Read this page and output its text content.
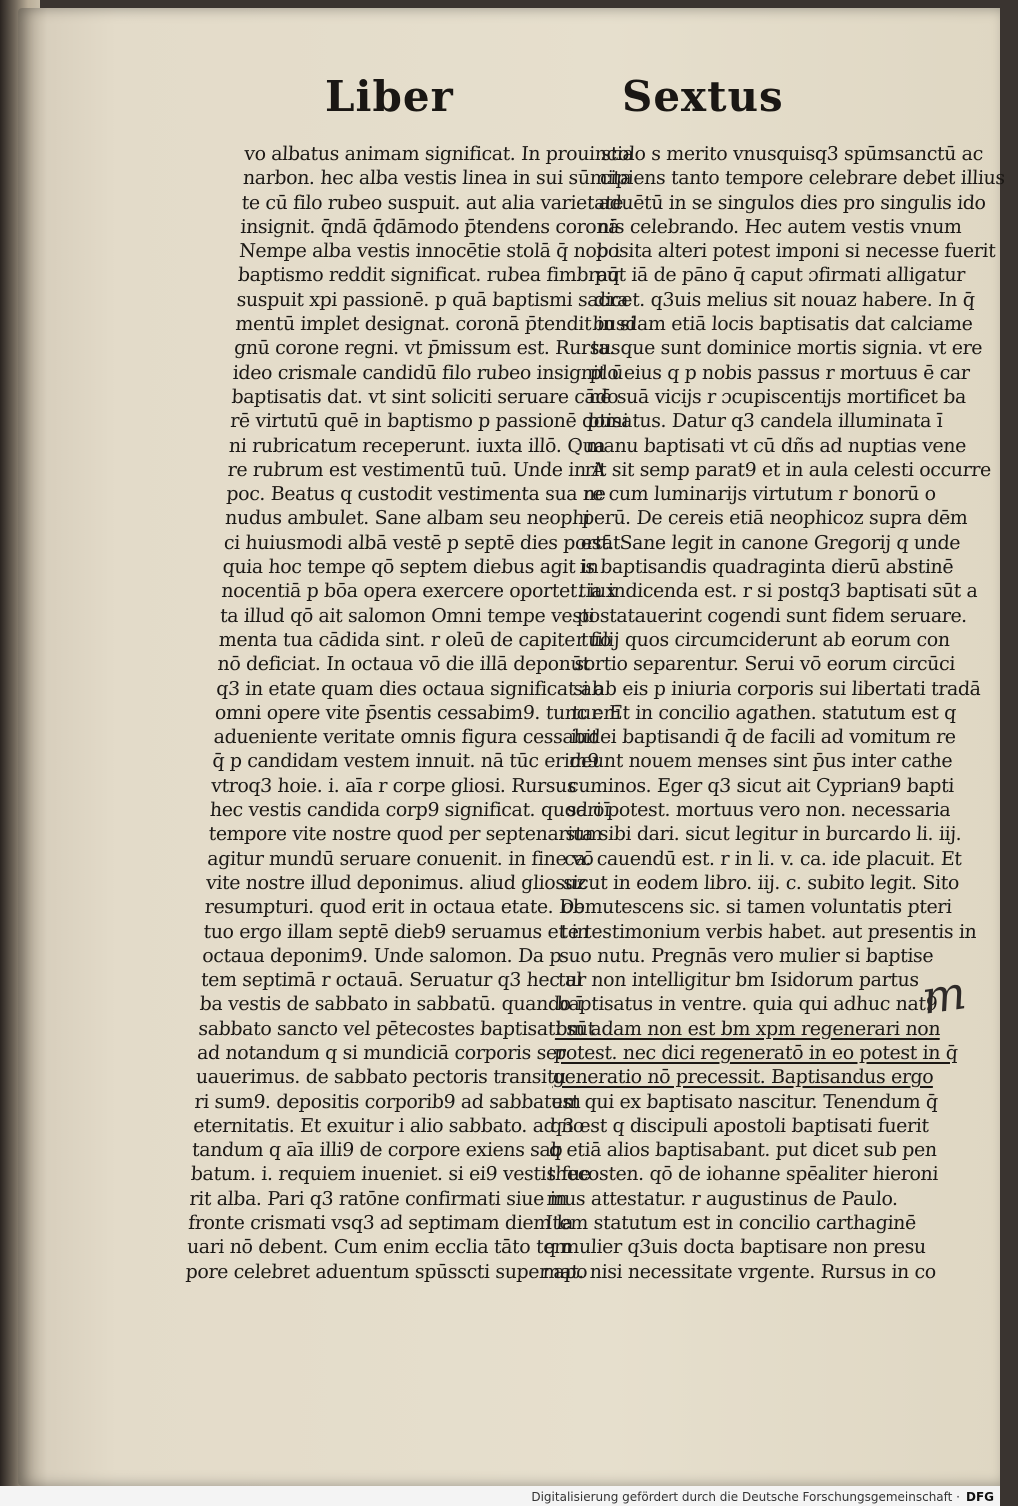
Liber	Sextus
vo albatus animam significat. In prouincia
narbon. hec alba vestis linea in sui sūmita
te cū filo rubeo suspuit. aut alia varietate
insignit. q̄ndā q̄dāmodo p̄tendens coronā
Nempe alba vestis innocētie stolā q̄ nob i
baptismo reddit significat. rubea fimbraq̄
suspuit xpi passionē. p quā baptismi sacra
mentū implet designat. coronā p̄tendit in si
gnū corone regni. vt p̄missum est. Rursus
ideo crismale candidū filo rubeo insignit ū
baptisatis dat. vt sint soliciti seruare cādo
rē virtutū quē in baptismo p passionē domi
ni rubricatum receperunt. iuxta illō. Qua
re rubrum est vestimentū tuū. Unde in A
poc. Beatus q custodit vestimenta sua ne
nudus ambulet. Sane albam seu neophi
ci huiusmodi albā vestē p septē dies portāt
quia hoc tempe qō septem diebus agit in
nocentiā p bōa opera exercere oportet. iux
ta illud qō ait salomon Omni tempe vesti
menta tua cādida sint. r oleū de capite tuo
nō deficiat. In octaua vō die illā deponūt
q3 in etate quam dies octaua significat ab
omni opere vite p̄sentis cessabim9. tunc enī
adueniente veritate omnis figura cessabit
q̄ p candidam vestem innuit. nā tūc erim9
vtroq3 hoie. i. aīa r corpe gliosi. Rursus
hec vestis candida corp9 significat. quod oī
tempore vite nostre quod per septenarium
agitur mundū seruare conuenit. in fine vō
vite nostre illud deponimus. aliud gliosuz
resumpturi. quod erit in octaua etate. De
tuo ergo illam septē dieb9 seruamus et in
octaua deponim9. Unde salomon. Da p
tem septimā r octauā. Seruatur q3 hec al
ba vestis de sabbato in sabbatū. quando ī
sabbato sancto vel pētecostes baptisati sūt
ad notandum q si mundiciā corporis ser
uauerimus. de sabbato pectoris transitu
ri sum9. depositis corporib9 ad sabbatum
eternitatis. Et exuitur i alio sabbato. ad no
tandum q aīa illi9 de corpore exiens sab
batum. i. requiem inueniet. si ei9 vestis fue
rit alba. Pari q3 ratōne confirmati siue in
fronte crismati vsq3 ad septimam diem la
uari nō debent. Cum enim ecclia tāto tem
pore celebret aduentum spūsscti super apo
stolo s merito vnusquisq3 spūmsanctū ac
cipiens tanto tempore celebrare debet illius
aduētū in se singulos dies pro singulis ido
nis celebrando. Hec autem vestis vnum
posita alteri potest imponi si necesse fuerit
put iā de pāno q̄ caput ɔfirmati alligatur
dicet. q3uis melius sit nouaz habere. In q̄
busdam etiā locis baptisatis dat calciame
ta. que sunt dominice mortis signia. vt ere
plo eius q p nobis passus r mortuus ē car
nē suā vicijs r ɔcupiscentijs mortificet ba
ptisatus. Datur q3 candela illuminata ī
manu baptisati vt cū dñs ad nuptias vene
rit sit semp parat9 et in aula celesti occurre
re cum luminarijs virtutum r bonorū o
perū. De cereis etiā neophicoz supra dēm
est. Sane legit in canone Gregorij q unde
is baptisandis quadraginta dierū abstinē
tia indicenda est. r si postq3 baptisati sūt a
postatauerint cogendi sunt fidem seruare.
r filij quos circumciderunt ab eorum con
sortio separentur. Serui vō eorum circūci
si ab eis p iniuria corporis sui libertati tradā
tur. Et in concilio agathen. statutum est q
iudei baptisandi q̄ de facili ad vomitum re
deunt nouem menses sint p̄us inter cathe
cuminos. Eger q3 sicut ait Cyprian9 bapti
sari potest. mortuus vero non. necessaria
sta sibi dari. sicut legitur in burcardo li. iij.
ca. cauendū est. r in li. v. ca. ide placuit. Et
sicut in eodem libro. iij. c. subito legit. Sito
obmutescens sic. si tamen voluntatis pteri
te testimonium verbis habet. aut presentis in
suo nutu. Pregnās vero mulier si baptise
tur non intelligitur bm Isidorum partus
baptisatus in ventre. quia qui adhuc nat9
bm adam non est bm xpm regenerari non
potest. nec dici regeneratō in eo potest in q̄
generatio nō precessit. Baptisandus ergo
est qui ex baptisato nascitur. Tenendum q̄
q3 est q discipuli apostoli baptisati fuerit
q etiā alios baptisabant. put dicet sub pen
thecosten. qō de iohanne spēaliter hieroni
mus attestatur. r augustinus de Paulo.
Item statutum est in concilio carthaginē
q mulier q3uis docta baptisare non presu
mat. nisi necessitate vrgente. Rursus in co
m
Digitalisierung gefördert durch die Deutsche Forschungsgemeinschaft · DFG
